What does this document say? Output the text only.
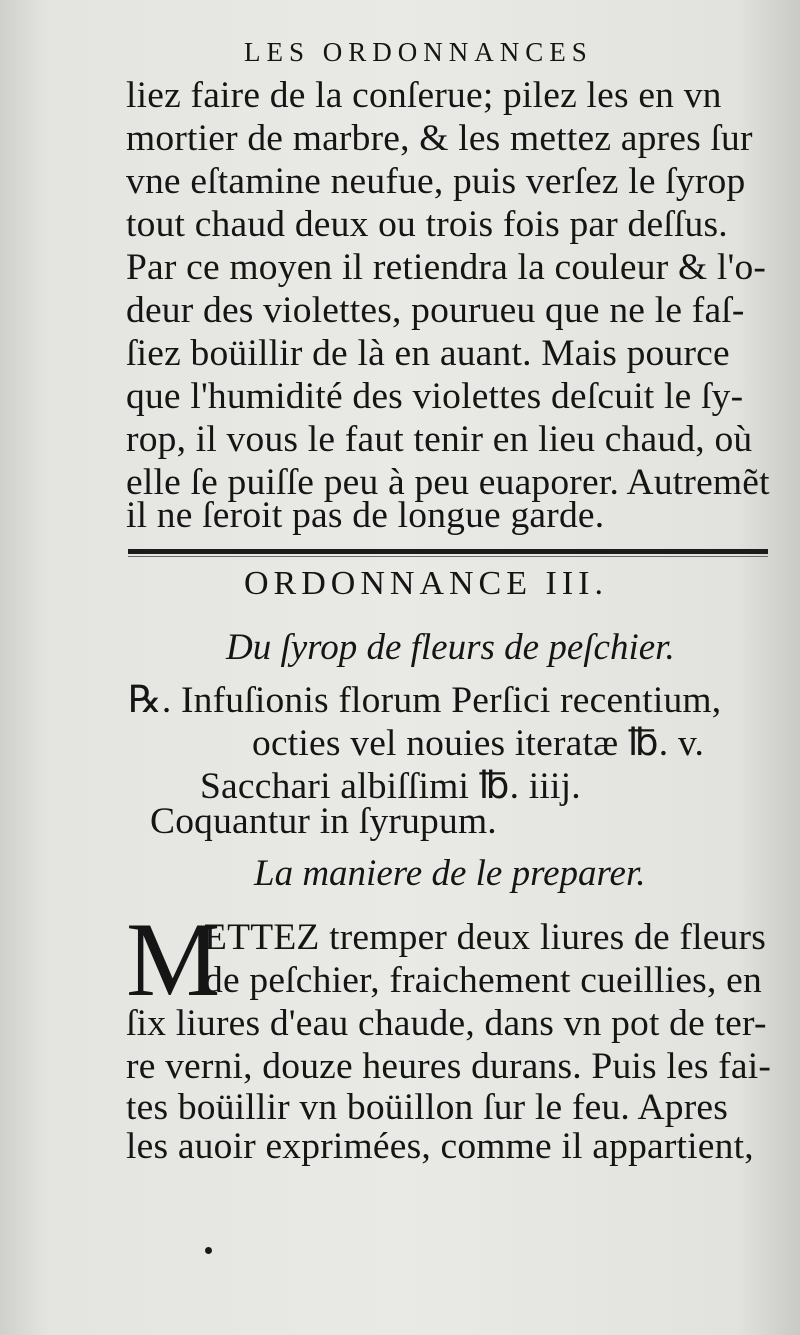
LES ORDONNANCES
liez faire de la conſerue; pilez les en vn
mortier de marbre, & les mettez apres ſur
vne eſtamine neufue, puis verſez le ſyrop
tout chaud deux ou trois fois par deſſus.
Par ce moyen il retiendra la couleur & l'o-
deur des violettes, pourueu que ne le faſ-
ſiez boüillir de là en auant. Mais pource
que l'humidité des violettes deſcuit le ſy-
rop, il vous le faut tenir en lieu chaud, où
elle ſe puiſſe peu à peu euaporer. Autremẽt
il ne ſeroit pas de longue garde.
ORDONNANCE III.
Du ſyrop de fleurs de peſchier.
℞. Infuſionis florum Perſici recentium,
octies vel nouies iteratæ ℔. v.
Sacchari albiſſimi ℔. iiij.
Coquantur in ſyrupum.
La maniere de le preparer.
M
ETTEZ tremper deux liures de fleurs
de peſchier, fraichement cueillies, en
ſix liures d'eau chaude, dans vn pot de ter-
re verni, douze heures durans. Puis les fai-
tes boüillir vn boüillon ſur le feu. Apres
les auoir exprimées, comme il appartient,
